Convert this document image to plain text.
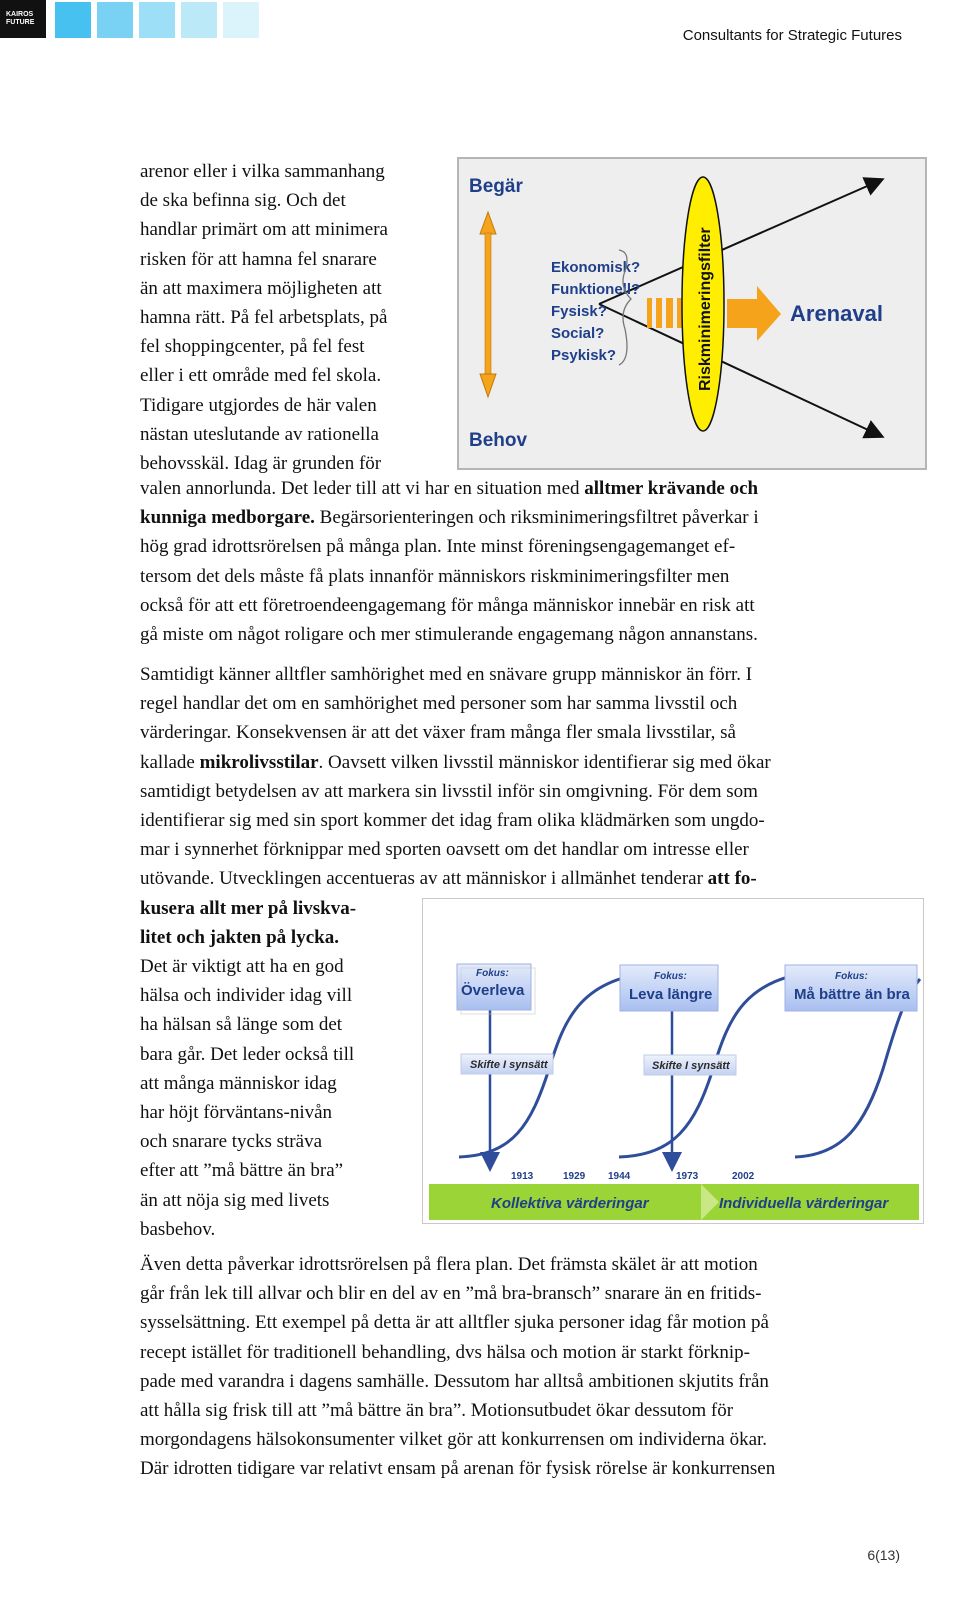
KAIROS
FUTURE
Consultants for Strategic Futures
arenor eller i vilka sammanhang
de ska befinna sig. Och det
handlar primärt om att minimera
risken för att hamna fel snarare
än att maximera möjligheten att
hamna rätt. På fel arbetsplats, på
fel shoppingcenter, på fel fest
eller i ett område med fel skola.
Tidigare utgjordes de här valen
nästan uteslutande av rationella
behovsskäl. Idag är grunden för
Begär
Behov
Ekonomisk?
Funktionell?
Fysisk?
Social?
Psykisk?	Riskminimeringsfilter	Arenaval
valen annorlunda. Det leder till att vi har en situation med alltmer krävande och
kunniga medborgare. Begärsorienteringen och riksminimeringsfiltret påverkar i
hög grad idrottsrörelsen på många plan. Inte minst föreningsengagemanget ef-
tersom det dels måste få plats innanför människors riskminimeringsfilter men
också för att ett företroendeengagemang för många människor innebär en risk att
gå miste om något roligare och mer stimulerande engagemang någon annanstans.
Samtidigt känner alltfler samhörighet med en snävare grupp människor än förr. I
regel handlar det om en samhörighet med personer som har samma livsstil och
värderingar. Konsekvensen är att det växer fram många fler smala livsstilar, så
kallade mikrolivsstilar. Oavsett vilken livsstil människor identifierar sig med ökar
samtidigt betydelsen av att markera sin livsstil inför sin omgivning. För dem som
identifierar sig med sin sport kommer det idag fram olika klädmärken som ungdo-
mar i synnerhet förknippar med sporten oavsett om det handlar om intresse eller
utövande. Utvecklingen accentueras av att människor i allmänhet tenderar att fo-
kusera allt mer på livskva-
litet och jakten på lycka.
Det är viktigt att ha en god
hälsa och individer idag vill
ha hälsan så länge som det
bara går. Det leder också till
att många människor idag
har höjt förväntans-nivån
och snarare tycks sträva
efter att ”må bättre än bra”
än att nöja sig med livets
basbehov.
Fokus:
Överleva
Fokus:
Leva längre
Fokus:
Må bättre än bra
Skifte I synsätt	Skifte I synsätt
1913	1929 1944	1973	2002
Kollektiva värderingar	Individuella värderingar
Även detta påverkar idrottsrörelsen på flera plan. Det främsta skälet är att motion
går från lek till allvar och blir en del av en ”må bra-bransch” snarare än en fritids-
sysselsättning. Ett exempel på detta är att alltfler sjuka personer idag får motion på
recept istället för traditionell behandling, dvs hälsa och motion är starkt förknip-
pade med varandra i dagens samhälle. Dessutom har alltså ambitionen skjutits från
att hålla sig frisk till att ”må bättre än bra”. Motionsutbudet ökar dessutom för
morgondagens hälsokonsumenter vilket gör att konkurrensen om individerna ökar.
Där idrotten tidigare var relativt ensam på arenan för fysisk rörelse är konkurrensen
6(13)
